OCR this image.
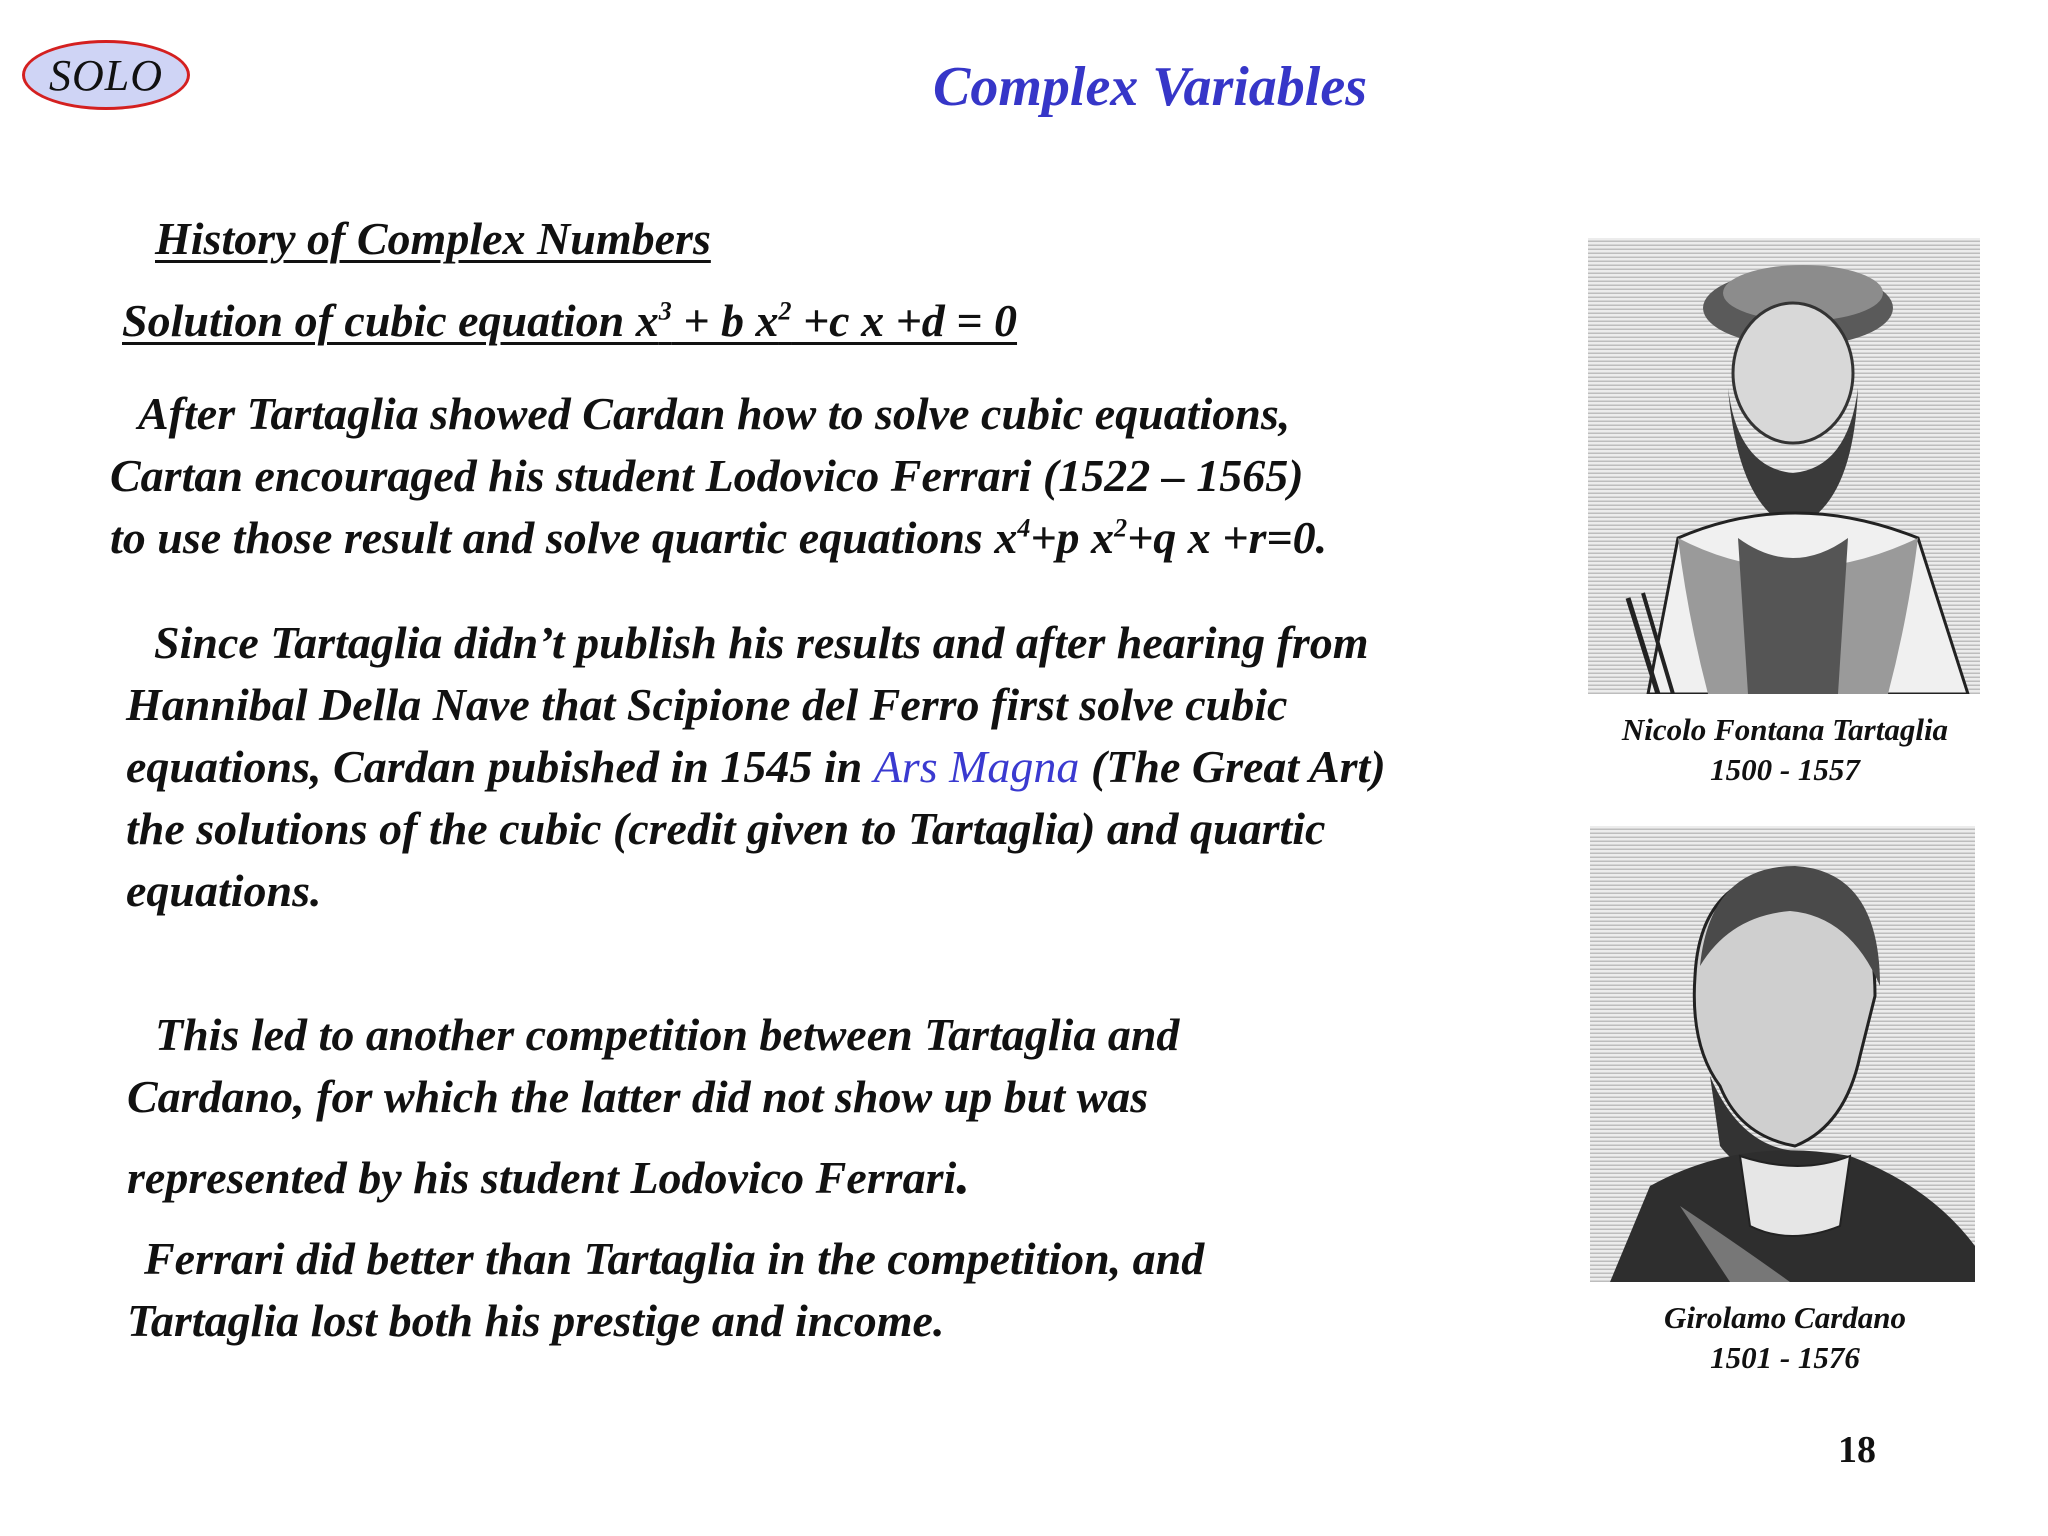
SOLO	Complex Variables
History of Complex Numbers
Solution of cubic equation $x^3 + b$ $x^2 +c$ x +d = 0
After Tartaglia showed Cardan how to solve cubic equations,
Cartan encouraged his student Lodovico Ferrari (1522 – 1565)
to use those result and solve quartic equations $x^4+p$ $x^2+q$ x +r=0.
Since Tartaglia didn’t publish his results and after hearing from
Hannibal Della Nave that Scipione del Ferro first solve cubic
equations, Cardan pubished in 1545 in Ars Magna (The Great Art)
the solutions of the cubic (credit given to Tartaglia) and quartic
equations.
This led to another competition between Tartaglia and
Cardano, for which the latter did not show up but was
represented by his student Lodovico Ferrari.
Ferrari did better than Tartaglia in the competition, and
Tartaglia lost both his prestige and income.
Nicolo Fontana Tartaglia
1500 - 1557
Girolamo Cardano
1501 - 1576
18
